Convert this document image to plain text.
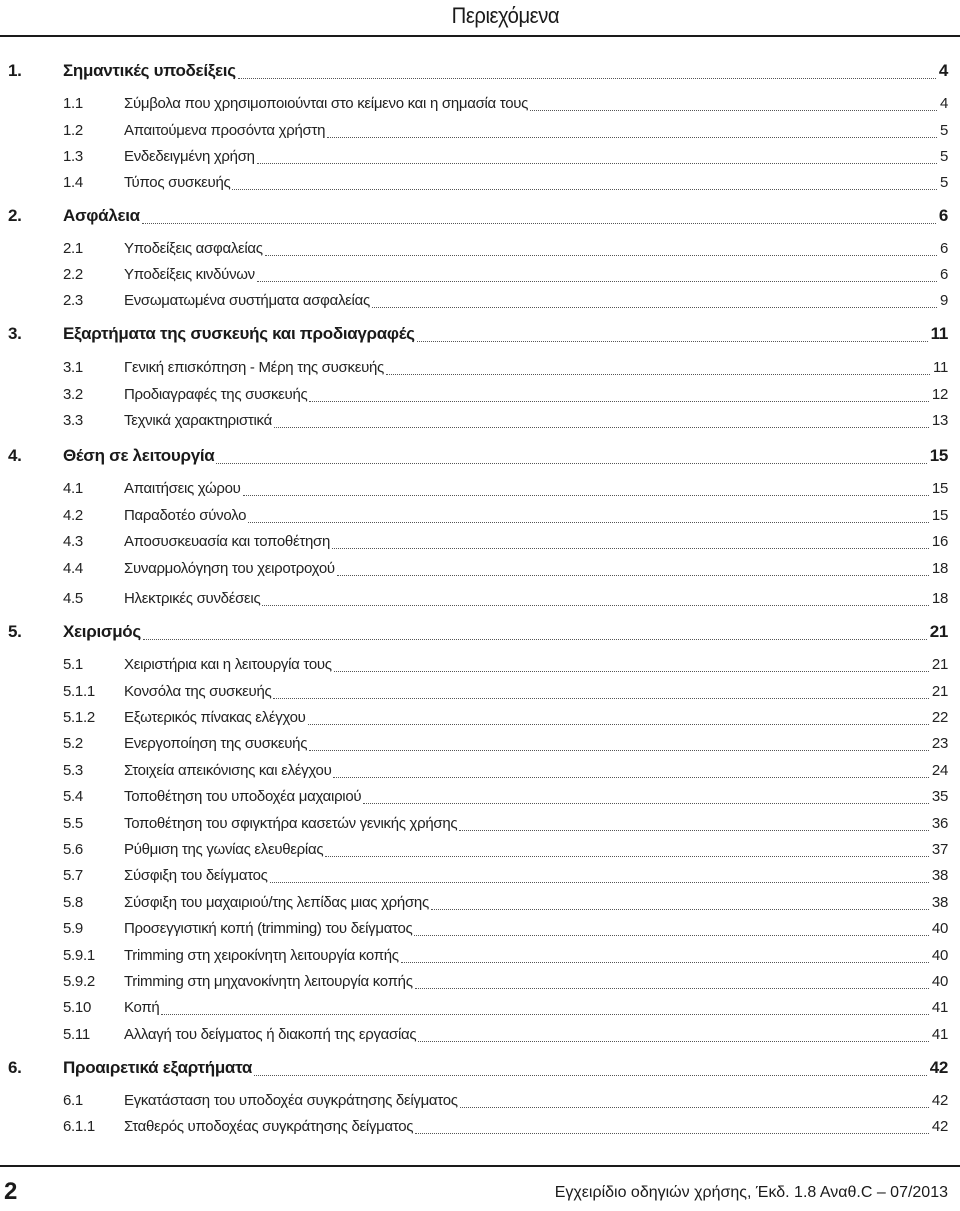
Περιεχόμενα
1. Σημαντικές υποδείξεις	4
1.1	Σύμβολα που χρησιμοποιούνται στο κείμενο και η σημασία τους	4
1.2	Απαιτούμενα προσόντα χρήστη	5
1.3	Ενδεδειγμένη χρήση	5
1.4	Τύπος συσκευής	5
2. Ασφάλεια	6
2.1	Υποδείξεις ασφαλείας	6
2.2	Υποδείξεις κινδύνων	6
2.3	Ενσωματωμένα συστήματα ασφαλείας	9
3. Εξαρτήματα της συσκευής και προδιαγραφές	11
3.1	Γενική επισκόπηση - Μέρη της συσκευής	11
3.2	Προδιαγραφές της συσκευής	12
3.3	Τεχνικά χαρακτηριστικά	13
4. Θέση σε λειτουργία	15
4.1	Απαιτήσεις χώρου	15
4.2	Παραδοτέο σύνολο	15
4.3	Αποσυσκευασία και τοποθέτηση	16
4.4	Συναρμολόγηση του χειροτροχού	18
4.5	Ηλεκτρικές συνδέσεις	18
5. Χειρισμός	21
5.1	Χειριστήρια και η λειτουργία τους	21
5.1.1 Κονσόλα της συσκευής	21
5.1.2 Εξωτερικός πίνακας ελέγχου	22
5.2	Ενεργοποίηση της συσκευής	23
5.3	Στοιχεία απεικόνισης και ελέγχου	24
5.4	Τοποθέτηση του υποδοχέα μαχαιριού	35
5.5	Τοποθέτηση του σφιγκτήρα κασετών γενικής χρήσης	36
5.6	Ρύθμιση της γωνίας ελευθερίας	37
5.7	Σύσφιξη του δείγματος	38
5.8	Σύσφιξη του μαχαιριού/της λεπίδας μιας χρήσης	38
5.9	Προσεγγιστική κοπή (trimming) του δείγματος	40
5.9.1 Trimming στη χειροκίνητη λειτουργία κοπής	40
5.9.2 Trimming στη μηχανοκίνητη λειτουργία κοπής	40
5.10 Κοπή	41
5.11 Αλλαγή του δείγματος ή διακοπή της εργασίας	41
6. Προαιρετικά εξαρτήματα	42
6.1	Εγκατάσταση του υποδοχέα συγκράτησης δείγματος	42
6.1.1 Σταθερός υποδοχέας συγκράτησης δείγματος	42
2	Εγχειρίδιο οδηγιών χρήσης, Έκδ. 1.8 Αναθ.C – 07/2013
